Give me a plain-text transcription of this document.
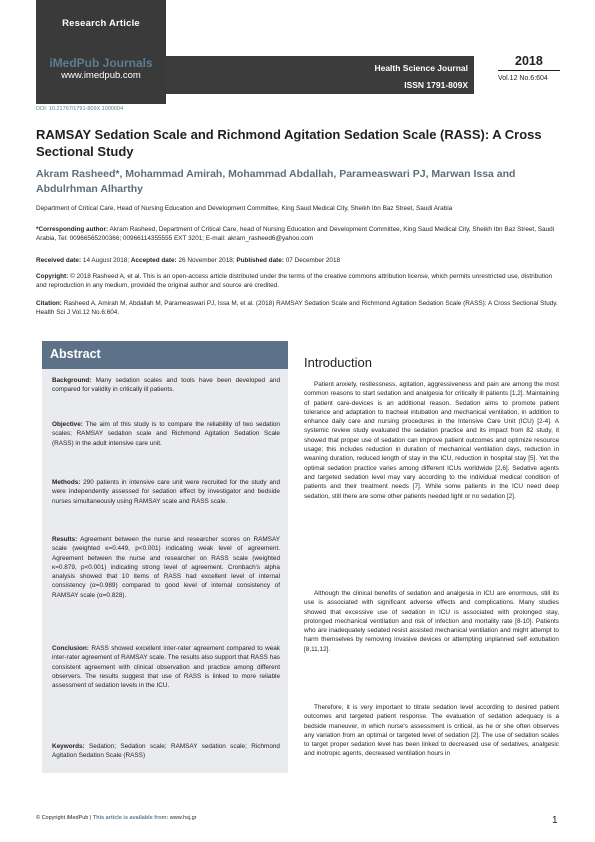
Research Article
iMedPub Journals
www.imedpub.com
Health Science Journal
ISSN 1791-809X
2018
Vol.12 No.6:604
DOI: 10.21767/1791-809X.1000604
RAMSAY Sedation Scale and Richmond Agitation Sedation Scale (RASS): A Cross Sectional Study
Akram Rasheed*, Mohammad Amirah, Mohammad Abdallah, Parameaswari PJ, Marwan Issa and Abdulrhman Alharthy
Department of Critical Care, Head of Nursing Education and Development Committee, King Saud Medical City, Sheikh Ibn Baz Street, Saudi Arabia
*Corresponding author: Akram Rasheed, Department of Critical Care, head of Nursing Education and Development Committee, King Saud Medical City, Sheikh Ibn Baz Street, Saudi Arabia, Tel: 00966565200366; 00966114355555 EXT 3201; E-mail: akram_rasheed6@yahoo.com
Received date: 14 August 2018; Accepted date: 26 November 2018; Published date: 07 December 2018
Copyright: © 2018 Rasheed A, et al. This is an open-access article distributed under the terms of the creative commons attribution license, which permits unrestricted use, distribution and reproduction in any medium, provided the original author and source are credited.
Citation: Rasheed A, Amirah M, Abdallah M, Parameaswari PJ, Issa M, et al. (2018) RAMSAY Sedation Scale and Richmond Agitation Sedation Scale (RASS): A Cross Sectional Study. Health Sci J Vol.12 No.6:604.
Abstract

Background: Many sedation scales and tools have been developed and compared for validity in critically ill patients.

Objective: The aim of this study is to compare the reliability of two sedation scales; RAMSAY sedation scale and Richmond Agitation Sedation Scale (RASS) in the adult intensive care unit.

Methods: 290 patients in intensive care unit were recruited for the study and were independently assessed for sedation effect by investigator and bedside nurses simultaneously using RAMSAY scale and RASS scale.

Results: Agreement between the nurse and researcher scores on RAMSAY scale (weighted κ=0.449, p<0.001) indicating weak level of agreement. Agreement between the nurse and researcher on RASS scale (weighted κ=0.879, p<0.001) indicating strong level of agreement. Cronbach's alpha analysis showed that 10 items of RASS had excellent level of internal consistency (α=0.989) compared to good level of internal consistency of RAMSAY scale (α=0.828).

Conclusion: RASS showed excellent inter-rater agreement compared to weak inter-rater agreement of RAMSAY scale. The results also support that RASS has consistent agreement with clinical observation and practice among different observers. The results suggest that use of RASS is linked to more reliable assessment of sedation levels in the ICU.

Keywords: Sedation; Sedation scale; RAMSAY sedation scale; Richmond Agitation Sedation Scale (RASS)

Introduction
Patient anxiety, restlessness, agitation, aggressiveness and pain are among the most common reasons to start sedation and analgesia for critically ill patients [1,2]. Maintaining of patient care-devices is an additional reason. Sedation aims to promote patient tolerance and adaptation to tracheal intubation and mechanical ventilation, in addition to enhance daily care and nursing procedures in the Intensive Care Unit (ICU) [2-4]. A systemic review study evaluated the sedation practice and its impact from 82 study, it showed that proper use of sedation can improve patient outcomes and optimize resource usage; this includes reduction in duration of mechanical ventilation days, reduction in weaning duration, reduced length of stay in the ICU, reduction in hospital stay [5]. Yet the optimal sedation practice varies among different ICUs worldwide [2,6]. Sedative agents and targeted sedation level may vary according to the individual medical condition of patients and their treatment needs [7]. While some patients in the ICU need deep sedation, still there are some other patients needed light or no sedation [2].
Although the clinical benefits of sedation and analgesia in ICU are enormous, still its use is associated with significant adverse effects and complications. Many studies showed that excessive use of sedation in ICU is associated with prolonged stay, prolonged mechanical ventilation and risk of infection and mortality rate [8-10]. Patients who are inadequately sedated resist assisted mechanical ventilation and might attempt to harm themselves by removing invasive devices or attempting unplanned self extubation [8,11,12].
Therefore, it is very important to titrate sedation level according to desired patient outcomes and targeted patient response. The evaluation of sedation adequacy is a bedside maneuver, in which nurse's assessment is critical, as he or she often observes any variation from an optimal or targeted level of sedation [2]. The use of sedation scales to target proper sedation level has been linked to decreased use of sedatives, analgesic and inotropic agents, decreased ventilation hours in
© Copyright iMedPub | This article is available from: www.hsj.gr	1
